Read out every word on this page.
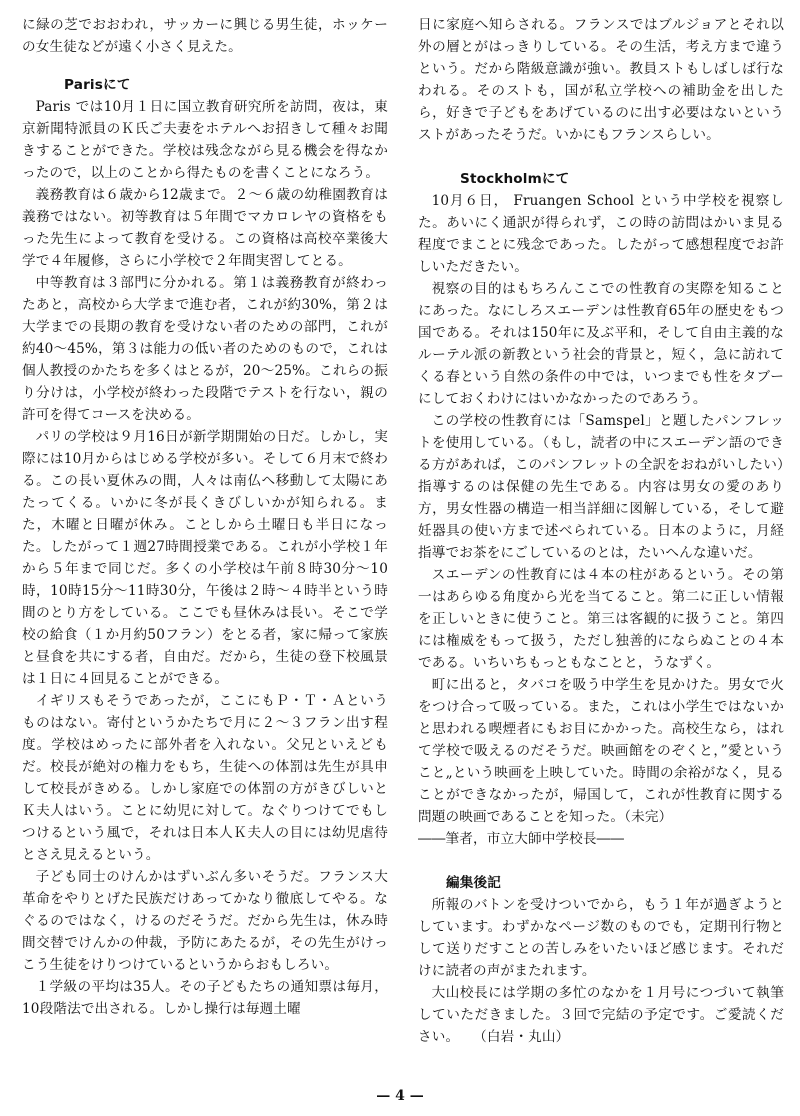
に緑の芝でおおわれ，サッカーに興じる男生徒，ホッケーの女生徒などが遠く小さく見えた。

Parisにて

Paris では10月１日に国立教育研究所を訪問，夜は，東京新聞特派員のＫ氏ご夫妻をホテルへお招きして種々お聞きすることができた。学校は残念ながら見る機会を得なかったので，以上のことから得たものを書くことになろう。

義務教育は６歳から12歳まで。２～６歳の幼稚園教育は義務ではない。初等教育は５年間でマカロレヤの資格をもった先生によって教育を受ける。この資格は高校卒業後大学で４年履修，さらに小学校で２年間実習してとる。

中等教育は３部門に分かれる。第１は義務教育が終わったあと，高校から大学まで進む者，これが約30%，第２は大学までの長期の教育を受けない者のための部門，これが約40～45%，第３は能力の低い者のためのもので，これは個人教授のかたちを多くはとるが，20～25%。これらの振り分けは，小学校が終わった段階でテストを行ない，親の許可を得てコースを決める。

パリの学校は９月16日が新学期開始の日だ。しかし，実際には10月からはじめる学校が多い。そして６月末で終わる。この長い夏休みの間，人々は南仏へ移動して太陽にあたってくる。いかに冬が長くきびしいかが知られる。また，木曜と日曜が休み。ことしから土曜日も半日になった。したがって１週27時間授業である。これが小学校１年から５年まで同じだ。多くの小学校は午前８時30分～10時，10時15分～11時30分，午後は２時～４時半という時間のとり方をしている。ここでも昼休みは長い。そこで学校の給食（１か月約50フラン）をとる者，家に帰って家族と昼食を共にする者，自由だ。だから，生徒の登下校風景は１日に４回見ることができる。

イギリスもそうであったが，ここにもＰ・Ｔ・Ａというものはない。寄付というかたちで月に２～３フラン出す程度。学校はめったに部外者を入れない。父兄といえどもだ。校長が絶対の権力をもち，生徒への体罰は先生が具申して校長がきめる。しかし家庭での体罰の方がきびしいとＫ夫人はいう。ことに幼児に対して。なぐりつけてでもしつけるという風で，それは日本人Ｋ夫人の目には幼児虐待とさえ見えるという。

子ども同士のけんかはずいぶん多いそうだ。フランス大革命をやりとげた民族だけあってかなり徹底してやる。なぐるのではなく，けるのだそうだ。だから先生は，休み時間交替でけんかの仲裁，予防にあたるが，その先生がけっこう生徒をけりつけているというからおもしろい。

１学級の平均は35人。その子どもたちの通知票は毎月，10段階法で出される。しかし操行は毎週土曜

日に家庭へ知らされる。フランスではブルジョアとそれ以外の層とがはっきりしている。その生活，考え方まで違うという。だから階級意識が強い。教員ストもしばしば行なわれる。そのストも，国が私立学校への補助金を出したら，好きで子どもをあげているのに出す必要はないというストがあったそうだ。いかにもフランスらしい。

Stockholmにて

10月６日， Fruangen School という中学校を視察した。あいにく通訳が得られず，この時の訪問はかいま見る程度でまことに残念であった。したがって感想程度でお許しいただきたい。

視察の目的はもちろんここでの性教育の実際を知ることにあった。なにしろスエーデンは性教育65年の歴史をもつ国である。それは150年に及ぶ平和，そして自由主義的なルーテル派の新教という社会的背景と，短く，急に訪れてくる春という自然の条件の中では，いつまでも性をタブーにしておくわけにはいかなかったのであろう。

この学校の性教育には「Samspel」と題したパンフレットを使用している。（もし，読者の中にスエーデン語のできる方があれば，このパンフレットの全訳をおねがいしたい）指導するのは保健の先生である。内容は男女の愛のあり方，男女性器の構造一相当詳細に図解している，そして避妊器具の使い方まで述べられている。日本のように，月経指導でお茶をにごしているのとは，たいへんな違いだ。

スエーデンの性教育には４本の柱があるという。その第一はあらゆる角度から光を当てること。第二に正しい情報を正しいときに使うこと。第三は客観的に扱うこと。第四には権威をもって扱う，ただし独善的にならぬことの４本である。いちいちもっともなことと，うなずく。

町に出ると，タバコを吸う中学生を見かけた。男女で火をつけ合って吸っている。また，これは小学生ではないかと思われる喫煙者にもお目にかかった。高校生なら，はれて学校で吸えるのだそうだ。映画館をのぞくと，”愛ということ„という映画を上映していた。時間の余裕がなく，見ることができなかったが，帰国して，これが性教育に関する問題の映画であることを知った。（未完）

――筆者，市立大師中学校長――

編集後記

所報のバトンを受けついでから，もう１年が過ぎようとしています。わずかなページ数のものでも，定期刊行物として送りだすことの苦しみをいたいほど感じます。それだけに読者の声がまたれます。

大山校長には学期の多忙のなかを１月号につづいて執筆していただきました。３回で完結の予定です。ご愛読ください。　　（白岩・丸山）

— 4 —
